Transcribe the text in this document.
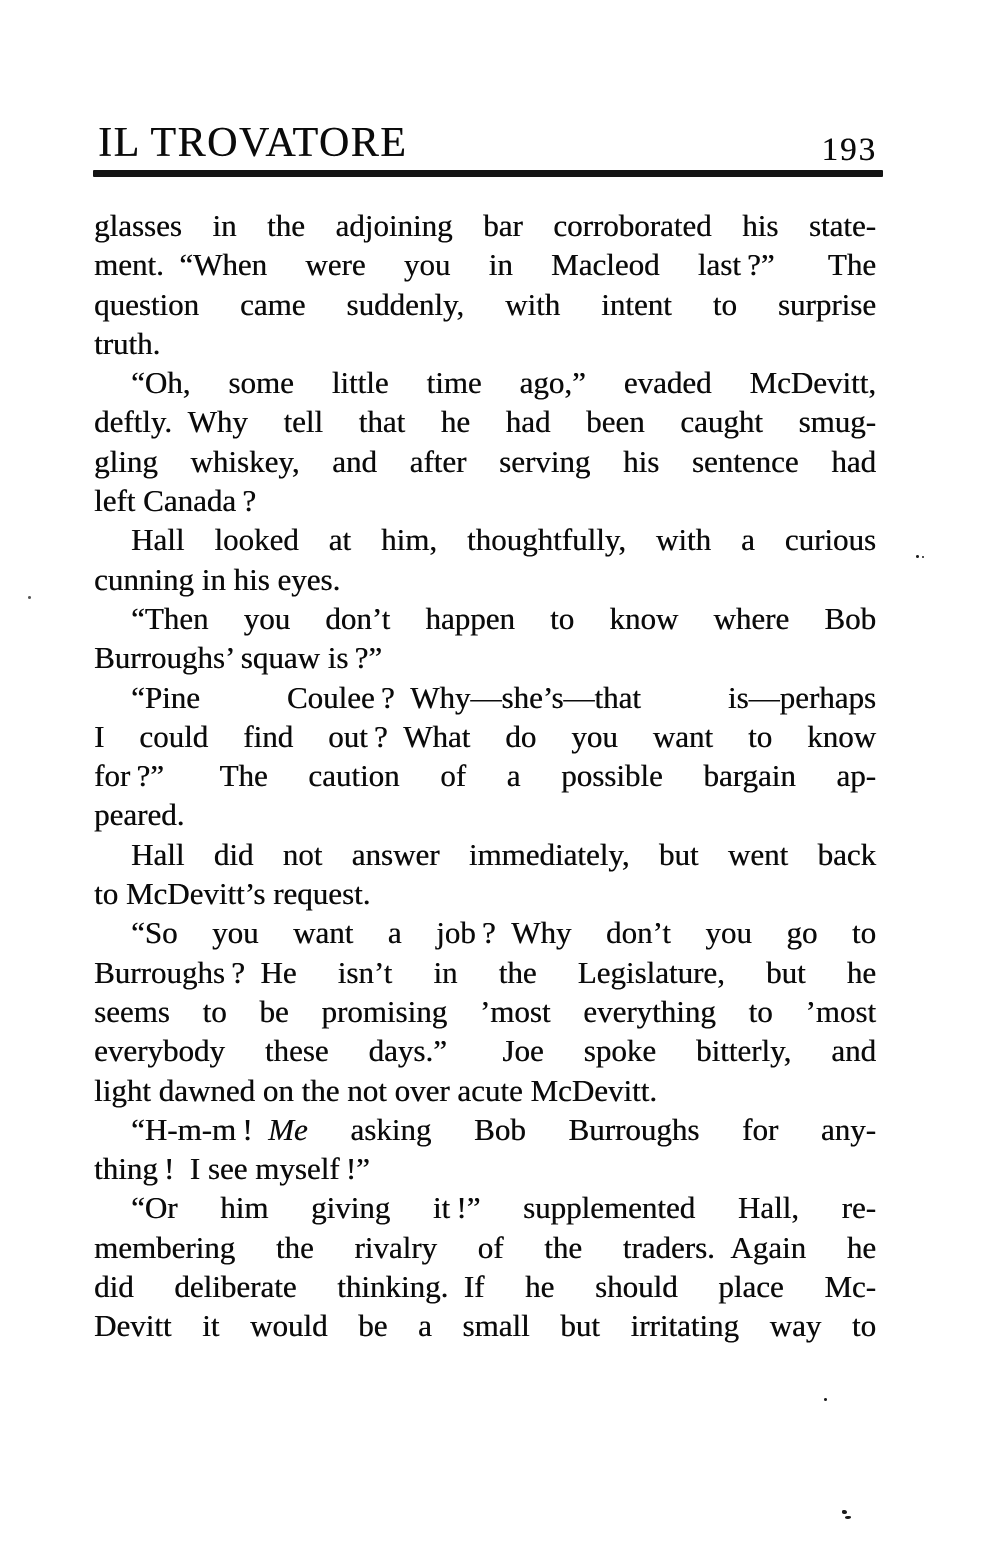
IL TROVATORE	193
glasses in the adjoining bar corroborated his state-
ment. “When were you in Macleod last ?”  The
question came suddenly, with intent to surprise
truth.
“Oh, some little time ago,” evaded McDevitt,
deftly. Why tell that he had been caught smug-
gling whiskey, and after serving his sentence had
left Canada ?
Hall looked at him, thoughtfully, with a curious
cunning in his eyes.
“Then you don’t happen to know where Bob
Burroughs’ squaw is ?”
“Pine Coulee ? Why—she’s—that is—perhaps
I could find out ? What do you want to know
for ?”  The caution of a possible bargain ap-
peared.
Hall did not answer immediately, but went back
to McDevitt’s request.
“So you want a job ? Why don’t you go to
Burroughs ? He isn’t in the Legislature, but he
seems to be promising ’most everything to ’most
everybody these days.”  Joe spoke bitterly, and
light dawned on the not over acute McDevitt.
“H-m-m ! Me asking Bob Burroughs for any-
thing ! I see myself !”
“Or him giving it !” supplemented Hall, re-
membering the rivalry of the traders. Again he
did deliberate thinking. If he should place Mc-
Devitt it would be a small but irritating way to
